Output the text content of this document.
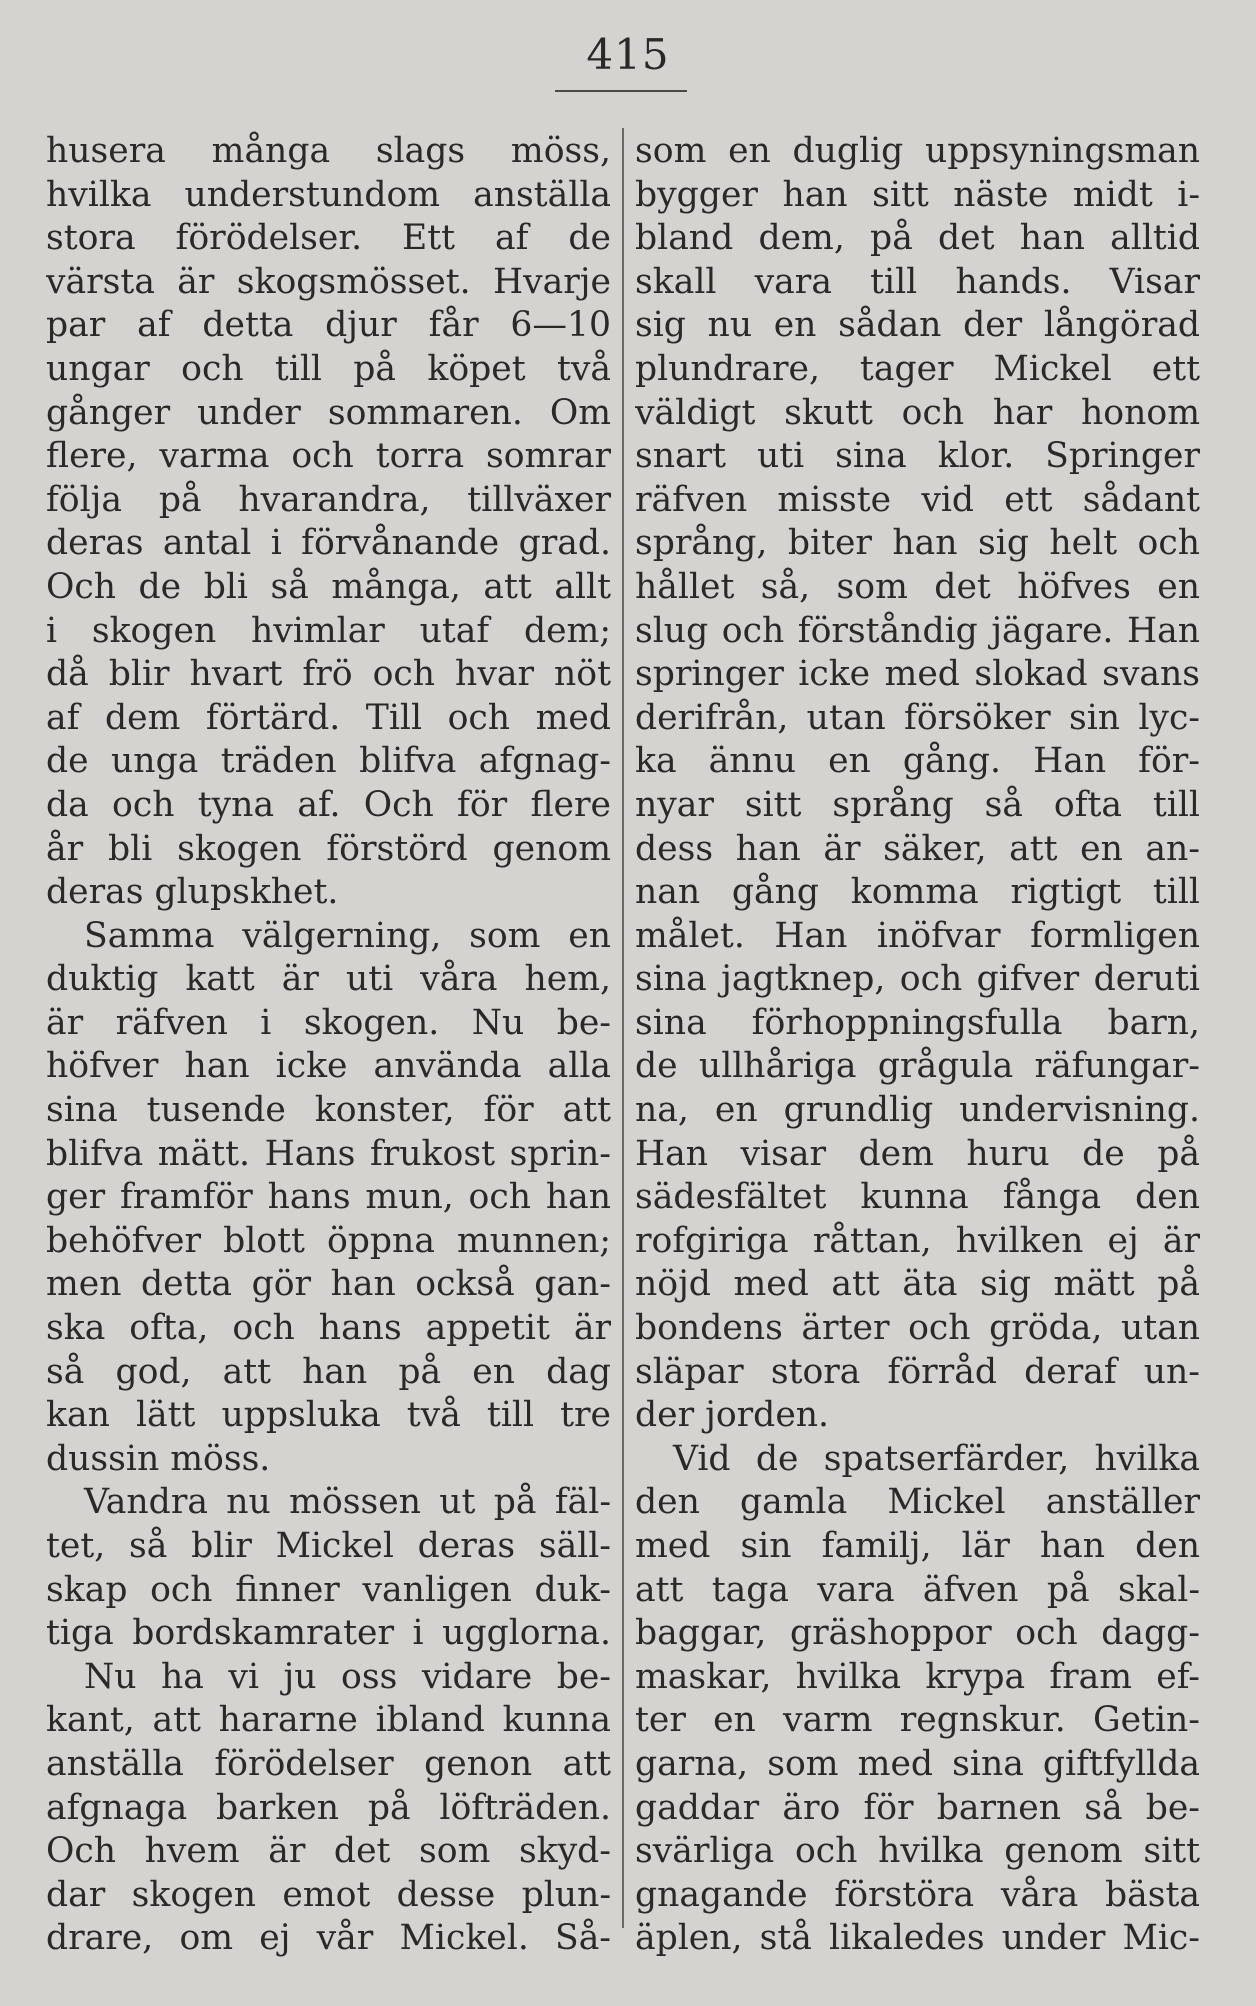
415
husera många slags möss,
hvilka understundom anställa
stora förödelser. Ett af de
värsta är skogsmösset. Hvarje
par af detta djur får 6—10
ungar och till på köpet två
gånger under sommaren. Om
flere, varma och torra somrar
följa på hvarandra, tillväxer
deras antal i förvånande grad.
Och de bli så många, att allt
i skogen hvimlar utaf dem;
då blir hvart frö och hvar nöt
af dem förtärd. Till och med
de unga träden blifva afgnag-
da och tyna af. Och för flere
år bli skogen förstörd genom
deras glupskhet.
Samma välgerning, som en
duktig katt är uti våra hem,
är räfven i skogen. Nu be-
höfver han icke använda alla
sina tusende konster, för att
blifva mätt. Hans frukost sprin-
ger framför hans mun, och han
behöfver blott öppna munnen;
men detta gör han också gan-
ska ofta, och hans appetit är
så god, att han på en dag
kan lätt uppsluka två till tre
dussin möss.
Vandra nu mössen ut på fäl-
tet, så blir Mickel deras säll-
skap och finner vanligen duk-
tiga bordskamrater i ugglorna.
Nu ha vi ju oss vidare be-
kant, att hararne ibland kunna
anställa förödelser genon att
afgnaga barken på löfträden.
Och hvem är det som skyd-
dar skogen emot desse plun-
drare, om ej vår Mickel. Så-
som en duglig uppsyningsman
bygger han sitt näste midt i-
bland dem, på det han alltid
skall vara till hands. Visar
sig nu en sådan der långörad
plundrare, tager Mickel ett
väldigt skutt och har honom
snart uti sina klor. Springer
räfven misste vid ett sådant
språng, biter han sig helt och
hållet så, som det höfves en
slug och förståndig jägare. Han
springer icke med slokad svans
derifrån, utan försöker sin lyc-
ka ännu en gång. Han för-
nyar sitt språng så ofta till
dess han är säker, att en an-
nan gång komma rigtigt till
målet. Han inöfvar formligen
sina jagtknep, och gifver deruti
sina förhoppningsfulla barn,
de ullhåriga grågula räfungar-
na, en grundlig undervisning.
Han visar dem huru de på
sädesfältet kunna fånga den
rofgiriga råttan, hvilken ej är
nöjd med att äta sig mätt på
bondens ärter och gröda, utan
släpar stora förråd deraf un-
der jorden.
Vid de spatserfärder, hvilka
den gamla Mickel anställer
med sin familj, lär han den
att taga vara äfven på skal-
baggar, gräshoppor och dagg-
maskar, hvilka krypa fram ef-
ter en varm regnskur. Getin-
garna, som med sina giftfyllda
gaddar äro för barnen så be-
svärliga och hvilka genom sitt
gnagande förstöra våra bästa
äplen, stå likaledes under Mic-
